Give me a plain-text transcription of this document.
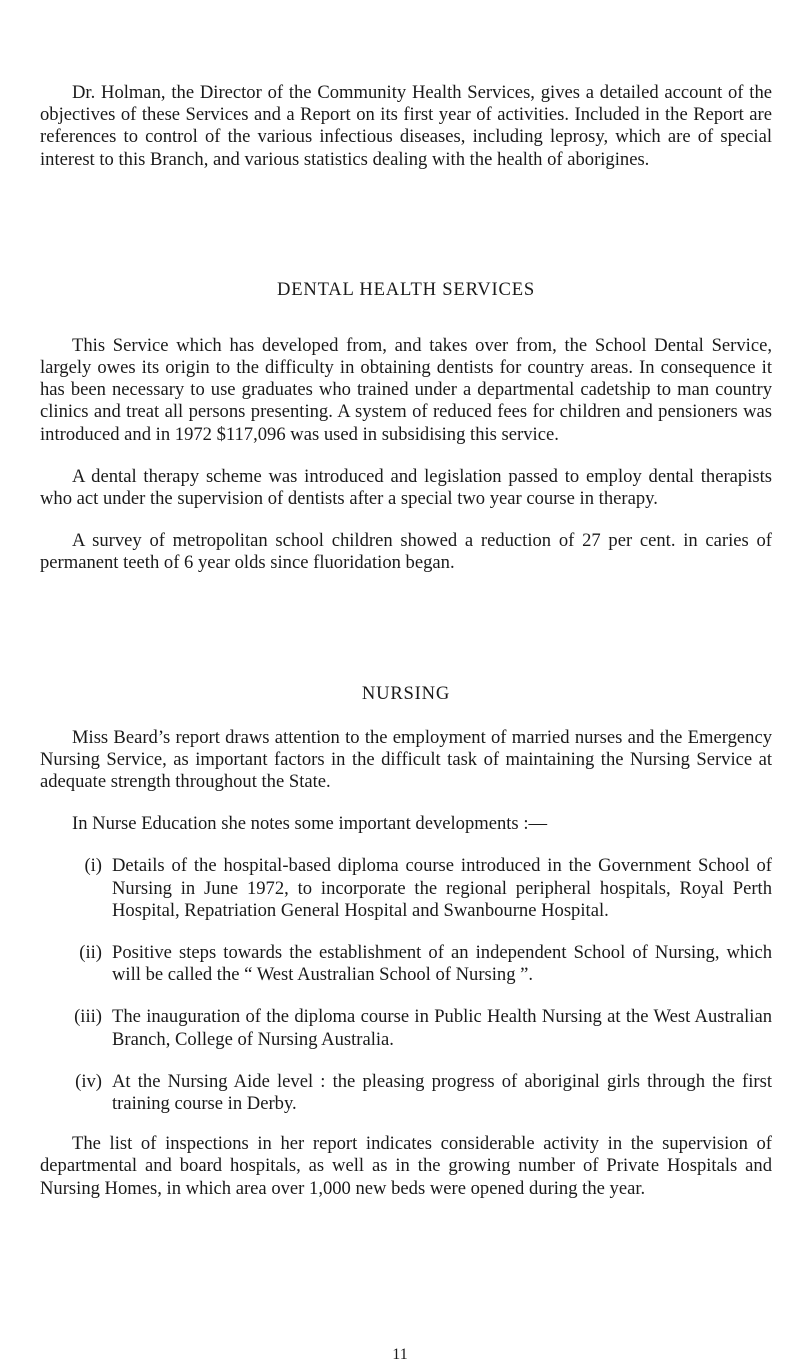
Dr. Holman, the Director of the Community Health Services, gives a detailed account of the objectives of these Services and a Report on its first year of activities. Included in the Report are references to control of the various infectious diseases, including leprosy, which are of special interest to this Branch, and various statistics dealing with the health of aborigines.

DENTAL HEALTH SERVICES

This Service which has developed from, and takes over from, the School Dental Service, largely owes its origin to the difficulty in obtaining dentists for country areas. In consequence it has been necessary to use graduates who trained under a departmental cadetship to man country clinics and treat all persons presenting. A system of reduced fees for children and pensioners was introduced and in 1972 $117,096 was used in subsidising this service.

A dental therapy scheme was introduced and legislation passed to employ dental therapists who act under the supervision of dentists after a special two year course in therapy.

A survey of metropolitan school children showed a reduction of 27 per cent. in caries of permanent teeth of 6 year olds since fluoridation began.

NURSING

Miss Beard’s report draws attention to the employment of married nurses and the Emergency Nursing Service, as important factors in the difficult task of maintaining the Nursing Service at adequate strength throughout the State.

In Nurse Education she notes some important developments :—

(i) Details of the hospital-based diploma course introduced in the Government School of Nursing in June 1972, to incorporate the regional peripheral hospitals, Royal Perth Hospital, Repatriation General Hospital and Swanbourne Hospital.
(ii) Positive steps towards the establishment of an independent School of Nursing, which will be called the “ West Australian School of Nursing ”.
(iii) The inauguration of the diploma course in Public Health Nursing at the West Australian Branch, College of Nursing Australia.
(iv) At the Nursing Aide level : the pleasing progress of aboriginal girls through the first training course in Derby.

The list of inspections in her report indicates considerable activity in the supervision of departmental and board hospitals, as well as in the growing number of Private Hospitals and Nursing Homes, in which area over 1,000 new beds were opened during the year.

11
